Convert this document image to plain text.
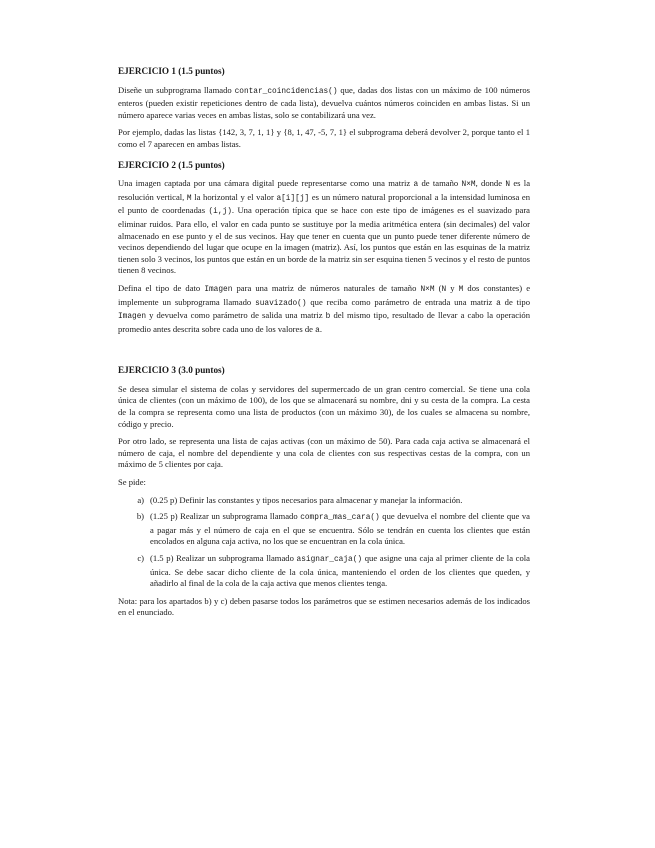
EJERCICIO 1 (1.5 puntos)

Diseñe un subprograma llamado contar_coincidencias() que, dadas dos listas con un máximo de 100 números enteros (pueden existir repeticiones dentro de cada lista), devuelva cuántos números coinciden en ambas listas. Si un número aparece varias veces en ambas listas, solo se contabilizará una vez.

Por ejemplo, dadas las listas {142, 3, 7, 1, 1} y {8, 1, 47, -5, 7, 1} el subprograma deberá devolver 2, porque tanto el 1 como el 7 aparecen en ambas listas.

EJERCICIO 2 (1.5 puntos)

Una imagen captada por una cámara digital puede representarse como una matriz a de tamaño N×M, donde N es la resolución vertical, M la horizontal y el valor a[i][j] es un número natural proporcional a la intensidad luminosa en el punto de coordenadas (i,j). Una operación típica que se hace con este tipo de imágenes es el suavizado para eliminar ruidos. Para ello, el valor en cada punto se sustituye por la media aritmética entera (sin decimales) del valor almacenado en ese punto y el de sus vecinos. Hay que tener en cuenta que un punto puede tener diferente número de vecinos dependiendo del lugar que ocupe en la imagen (matriz). Así, los puntos que están en las esquinas de la matriz tienen solo 3 vecinos, los puntos que están en un borde de la matriz sin ser esquina tienen 5 vecinos y el resto de puntos tienen 8 vecinos.

Defina el tipo de dato Imagen para una matriz de números naturales de tamaño N×M (N y M dos constantes) e implemente un subprograma llamado suavizado() que reciba como parámetro de entrada una matriz a de tipo Imagen y devuelva como parámetro de salida una matriz b del mismo tipo, resultado de llevar a cabo la operación promedio antes descrita sobre cada uno de los valores de a.

EJERCICIO 3 (3.0 puntos)

Se desea simular el sistema de colas y servidores del supermercado de un gran centro comercial. Se tiene una cola única de clientes (con un máximo de 100), de los que se almacenará su nombre, dni y su cesta de la compra. La cesta de la compra se representa como una lista de productos (con un máximo 30), de los cuales se almacena su nombre, código y precio.

Por otro lado, se representa una lista de cajas activas (con un máximo de 50). Para cada caja activa se almacenará el número de caja, el nombre del dependiente y una cola de clientes con sus respectivas cestas de la compra, con un máximo de 5 clientes por caja.

Se pide:

a) (0.25 p) Definir las constantes y tipos necesarios para almacenar y manejar la información.
b) (1.25 p) Realizar un subprograma llamado compra_mas_cara() que devuelva el nombre del cliente que va a pagar más y el número de caja en el que se encuentra. Sólo se tendrán en cuenta los clientes que están encolados en alguna caja activa, no los que se encuentran en la cola única.
c) (1.5 p) Realizar un subprograma llamado asignar_caja() que asigne una caja al primer cliente de la cola única. Se debe sacar dicho cliente de la cola única, manteniendo el orden de los clientes que queden, y añadirlo al final de la cola de la caja activa que menos clientes tenga.

Nota: para los apartados b) y c) deben pasarse todos los parámetros que se estimen necesarios además de los indicados en el enunciado.
